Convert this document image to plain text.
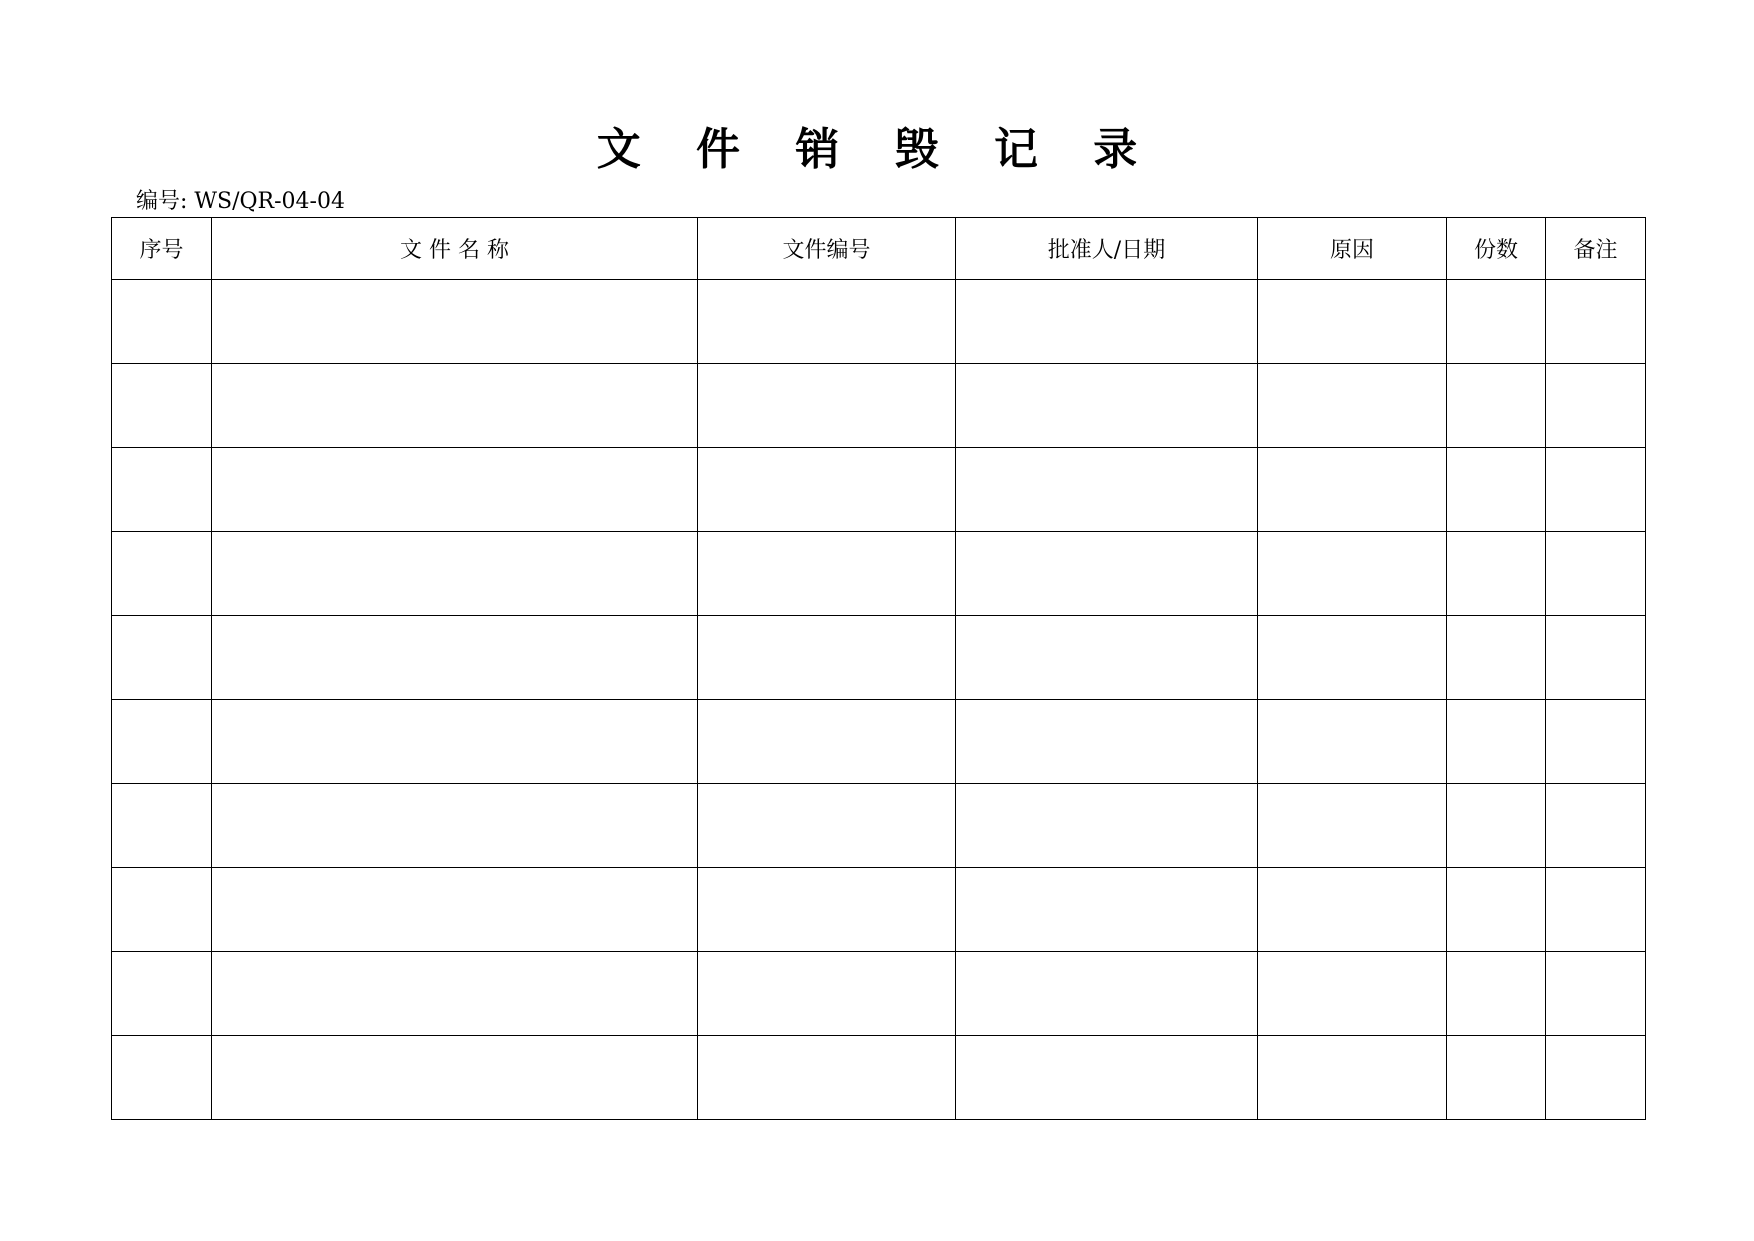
文 件 销 毁 记 录
编号: WS/QR-04-04
序号	文 件 名 称	文件编号	批准人/日期	原因	份数	备注
